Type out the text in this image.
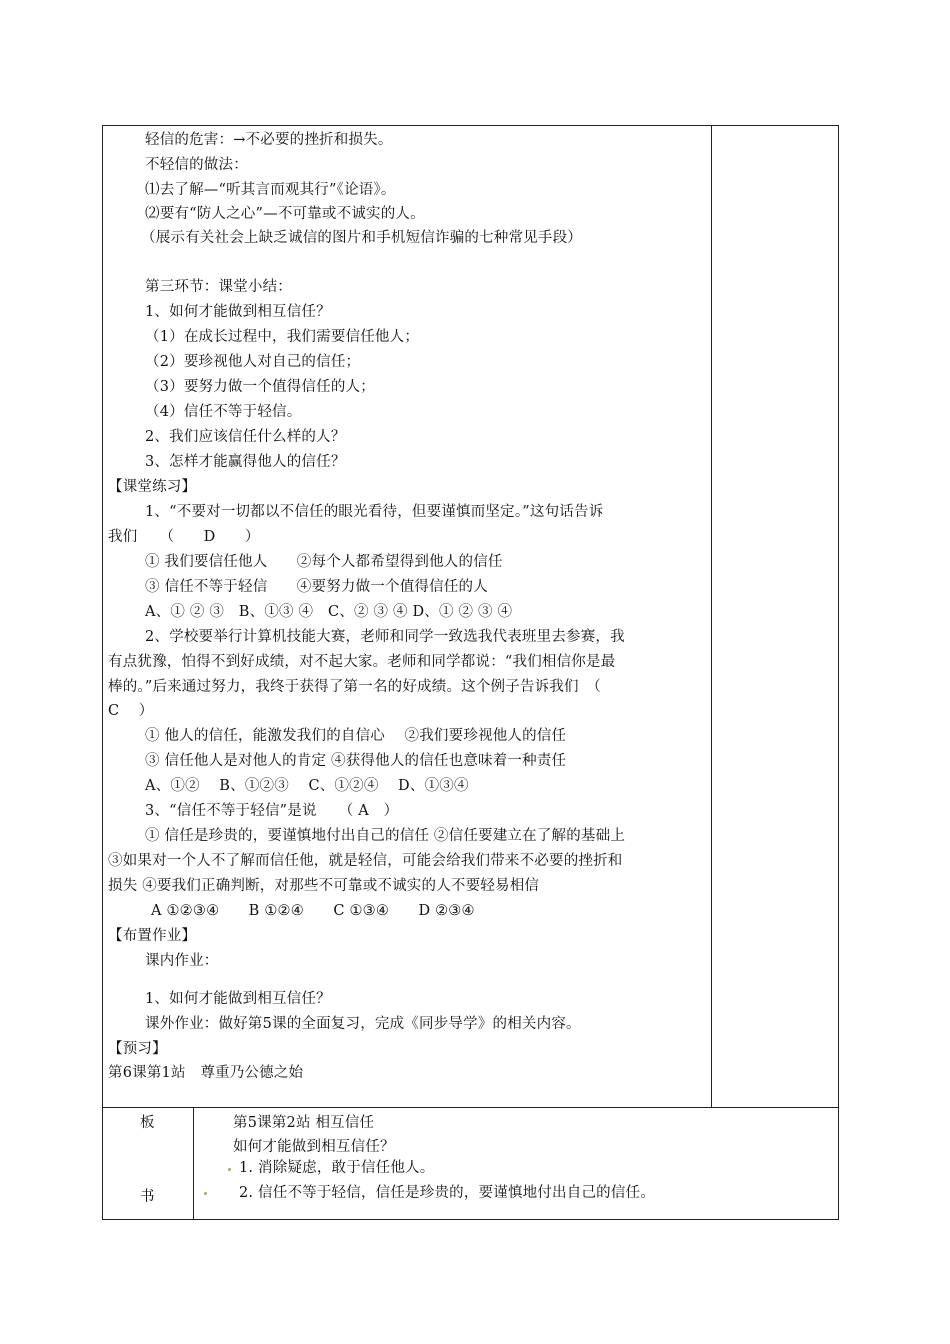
轻信的危害：→不必要的挫折和损失。
不轻信的做法：
⑴去了解—“听其言而观其行”《论语》。
⑵要有“防人之心”—不可靠或不诚实的人。
（展示有关社会上缺乏诚信的图片和手机短信诈骗的七种常见手段）
第三环节：课堂小结：
1、如何才能做到相互信任？
（1）在成长过程中，我们需要信任他人；
（2）要珍视他人对自己的信任；
（3）要努力做一个值得信任的人；
（4）信任不等于轻信。
2、我们应该信任什么样的人？
3、怎样才能赢得他人的信任？
【课堂练习】
1、“不要对一切都以不信任的眼光看待，但要谨慎而坚定。”这句话告诉
我们　　（　　D　　）
① 我们要信任他人　　②每个人都希望得到他人的信任
③ 信任不等于轻信　　④要努力做一个值得信任的人
A、① ② ③　B、①③ ④　C、② ③ ④ D、① ② ③ ④
2、学校要举行计算机技能大赛，老师和同学一致选我代表班里去参赛，我
有点犹豫，怕得不到好成绩，对不起大家。老师和同学都说：“我们相信你是最
棒的。”后来通过努力，我终于获得了第一名的好成绩。这个例子告诉我们　（
C　 ）
① 他人的信任，能激发我们的自信心　 ②我们要珍视他人的信任
③ 信任他人是对他人的肯定 ④获得他人的信任也意味着一种责任
A、①②　 B、①②③　 C、①②④　 D、①③④
3、“信任不等于轻信”是说　　（ A　）
① 信任是珍贵的，要谨慎地付出自己的信任 ②信任要建立在了解的基础上
③如果对一个人不了解而信任他，就是轻信，可能会给我们带来不必要的挫折和
损失 ④要我们正确判断，对那些不可靠或不诚实的人不要轻易相信
A ①②③④　　B ①②④　　C ①③④　　D ②③④
【布置作业】
课内作业：
1、如何才能做到相互信任？
课外作业：做好第5课的全面复习，完成《同步导学》的相关内容。
【预习】
第6课第1站　尊重乃公德之始
板
书
第5课第2站 相互信任
如何才能做到相互信任？
1. 消除疑虑，敢于信任他人。
2. 信任不等于轻信，信任是珍贵的，要谨慎地付出自己的信任。
